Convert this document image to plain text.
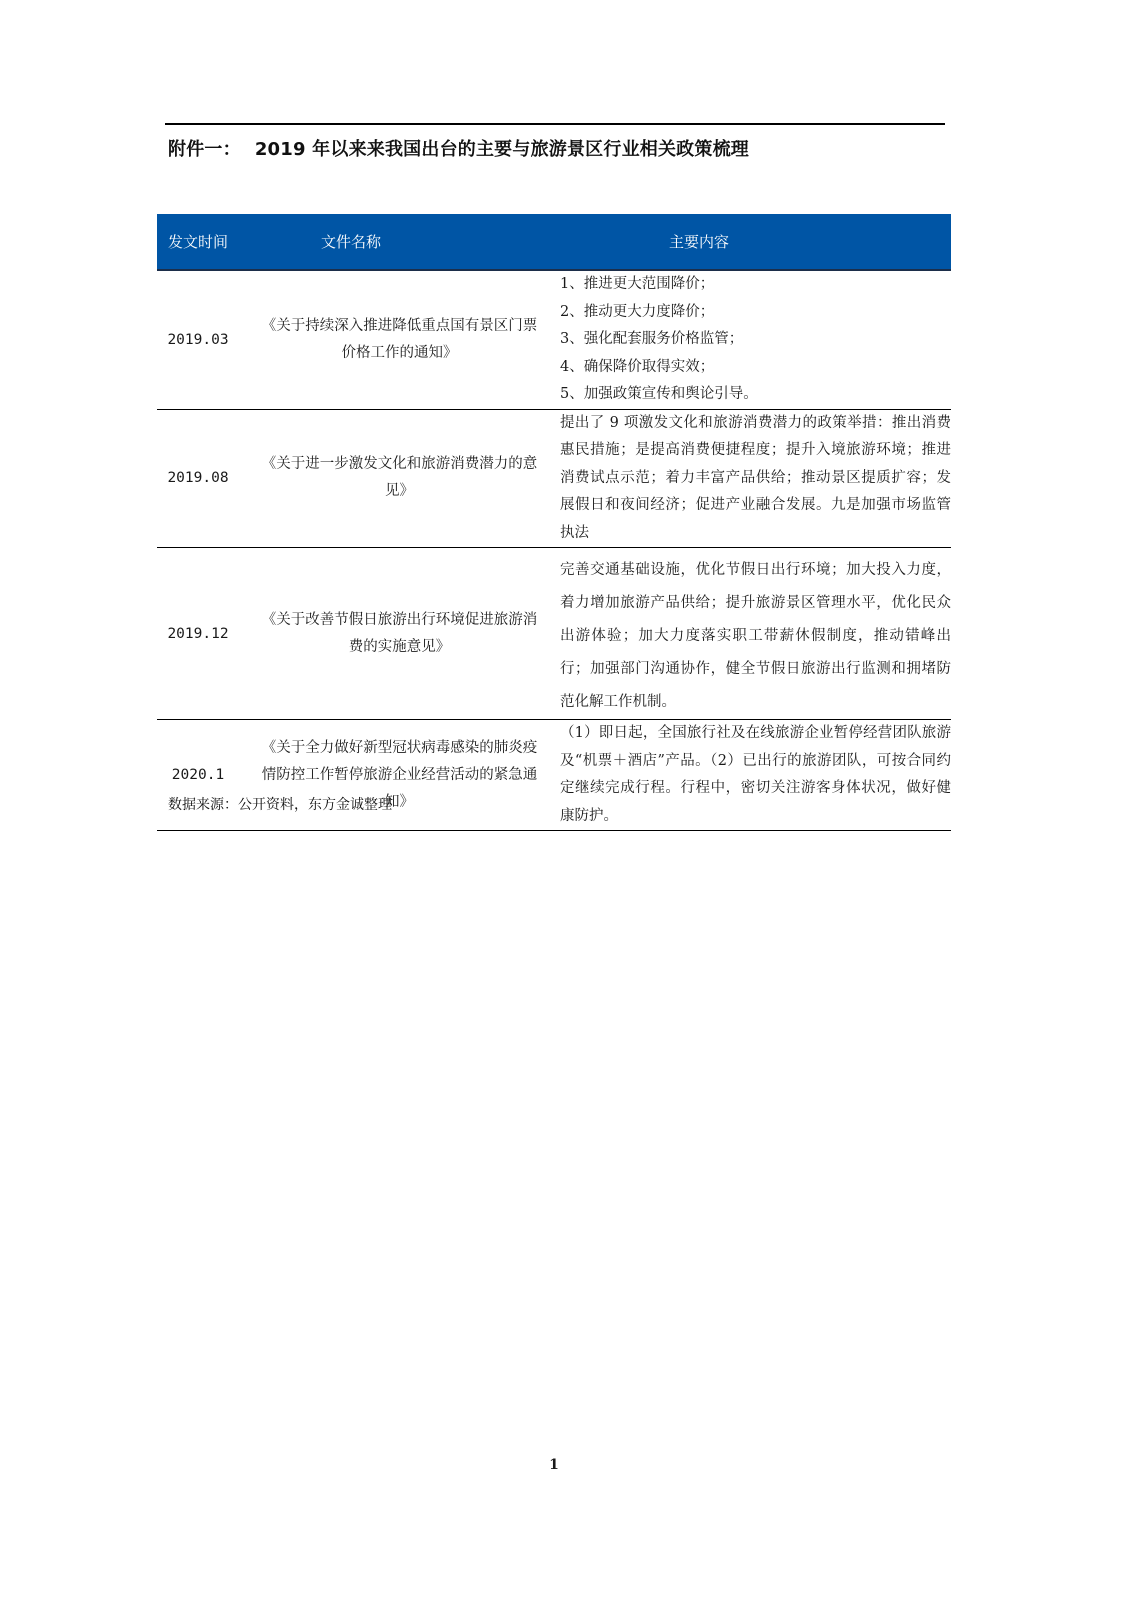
附件一： 2019 年以来来我国出台的主要与旅游景区行业相关政策梳理
发文时间	文件名称	主要内容
2019.03	《关于持续深入推进降低重点国有景区门票价格工作的通知》	1、推进更大范围降价；
2、推动更大力度降价；
3、强化配套服务价格监管；
4、确保降价取得实效；
5、加强政策宣传和舆论引导。

2019.08	《关于进一步激发文化和旅游消费潜力的意见》	提出了 9 项激发文化和旅游消费潜力的政策举措：推出消费惠民措施；是提高消费便捷程度；提升入境旅游环境；推进消费试点示范；着力丰富产品供给；推动景区提质扩容；发展假日和夜间经济；促进产业融合发展。九是加强市场监管执法
2019.12	《关于改善节假日旅游出行环境促进旅游消费的实施意见》	完善交通基础设施，优化节假日出行环境；加大投入力度，着力增加旅游产品供给；提升旅游景区管理水平，优化民众出游体验；加大力度落实职工带薪休假制度，推动错峰出行；加强部门沟通协作，健全节假日旅游出行监测和拥堵防范化解工作机制。
2020.1	《关于全力做好新型冠状病毒感染的肺炎疫情防控工作暂停旅游企业经营活动的紧急通知》	（1）即日起，全国旅行社及在线旅游企业暂停经营团队旅游及“机票＋酒店”产品。（2）已出行的旅游团队，可按合同约定继续完成行程。行程中，密切关注游客身体状况，做好健康防护。
数据来源：公开资料，东方金诚整理
1
